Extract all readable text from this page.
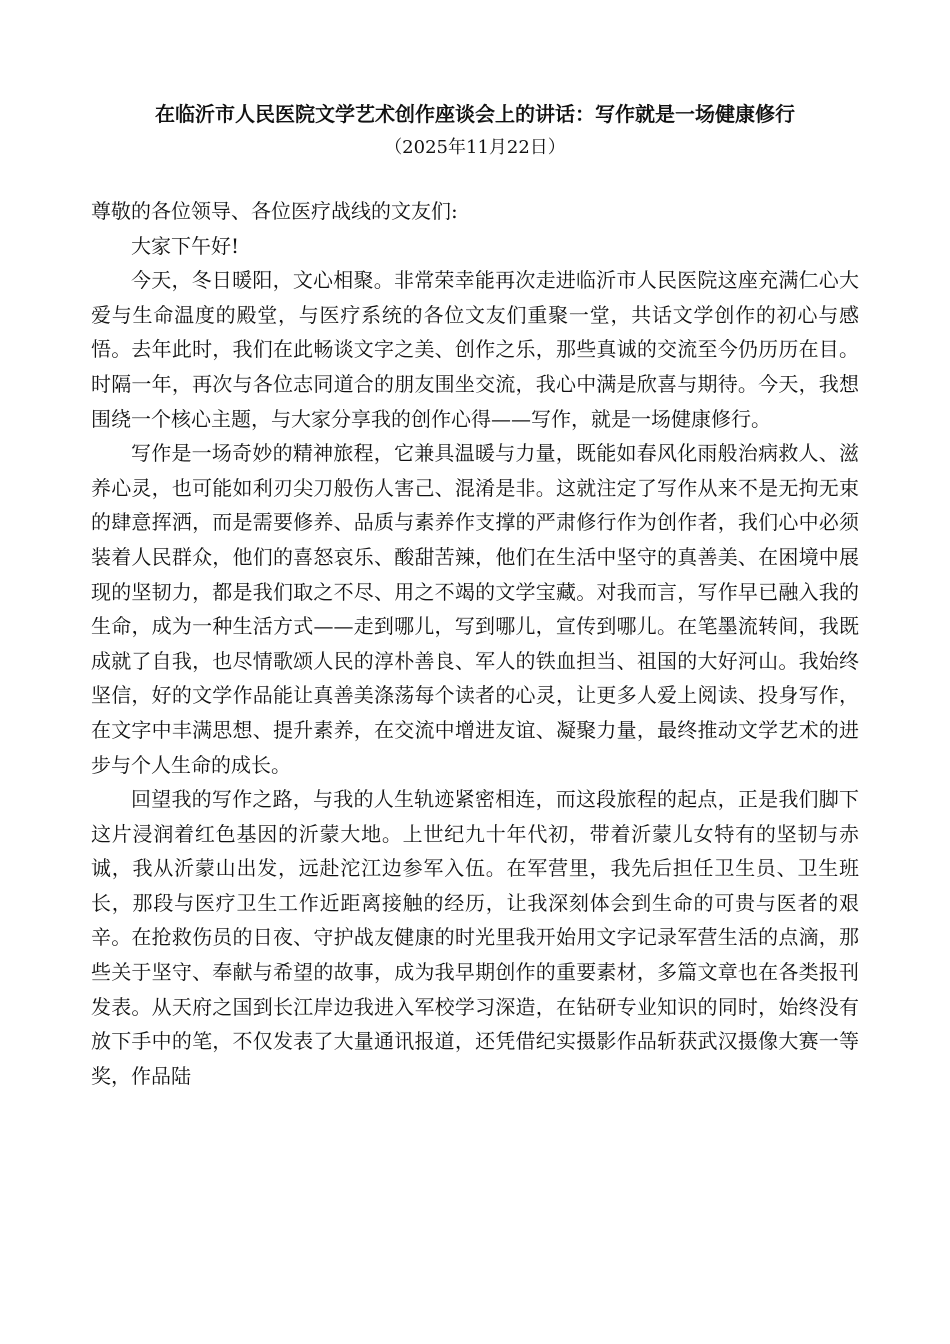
在临沂市人民医院文学艺术创作座谈会上的讲话：写作就是一场健康修行
（2025年11月22日）

尊敬的各位领导、各位医疗战线的文友们:

大家下午好!

今天，冬日暖阳，文心相聚。非常荣幸能再次走进临沂市人民医院这座充满仁心大爱与生命温度的殿堂，与医疗系统的各位文友们重聚一堂，共话文学创作的初心与感悟。去年此时，我们在此畅谈文字之美、创作之乐，那些真诚的交流至今仍历历在目。时隔一年，再次与各位志同道合的朋友围坐交流，我心中满是欣喜与期待。今天，我想围绕一个核心主题，与大家分享我的创作心得——写作，就是一场健康修行。

写作是一场奇妙的精神旅程，它兼具温暖与力量，既能如春风化雨般治病救人、滋养心灵，也可能如利刃尖刀般伤人害己、混淆是非。这就注定了写作从来不是无拘无束的肆意挥洒，而是需要修养、品质与素养作支撑的严肃修行作为创作者，我们心中必须装着人民群众，他们的喜怒哀乐、酸甜苦辣，他们在生活中坚守的真善美、在困境中展现的坚韧力，都是我们取之不尽、用之不竭的文学宝藏。对我而言，写作早已融入我的生命，成为一种生活方式——走到哪儿，写到哪儿，宣传到哪儿。在笔墨流转间，我既成就了自我，也尽情歌颂人民的淳朴善良、军人的铁血担当、祖国的大好河山。我始终坚信，好的文学作品能让真善美涤荡每个读者的心灵，让更多人爱上阅读、投身写作，在文字中丰满思想、提升素养，在交流中增进友谊、凝聚力量，最终推动文学艺术的进步与个人生命的成长。

回望我的写作之路，与我的人生轨迹紧密相连，而这段旅程的起点，正是我们脚下这片浸润着红色基因的沂蒙大地。上世纪九十年代初，带着沂蒙儿女特有的坚韧与赤诚，我从沂蒙山出发，远赴沱江边参军入伍。在军营里，我先后担任卫生员、卫生班长，那段与医疗卫生工作近距离接触的经历，让我深刻体会到生命的可贵与医者的艰辛。在抢救伤员的日夜、守护战友健康的时光里我开始用文字记录军营生活的点滴，那些关于坚守、奉献与希望的故事，成为我早期创作的重要素材，多篇文章也在各类报刊发表。从天府之国到长江岸边我进入军校学习深造，在钻研专业知识的同时，始终没有放下手中的笔，不仅发表了大量通讯报道，还凭借纪实摄影作品斩获武汉摄像大赛一等奖，作品陆
